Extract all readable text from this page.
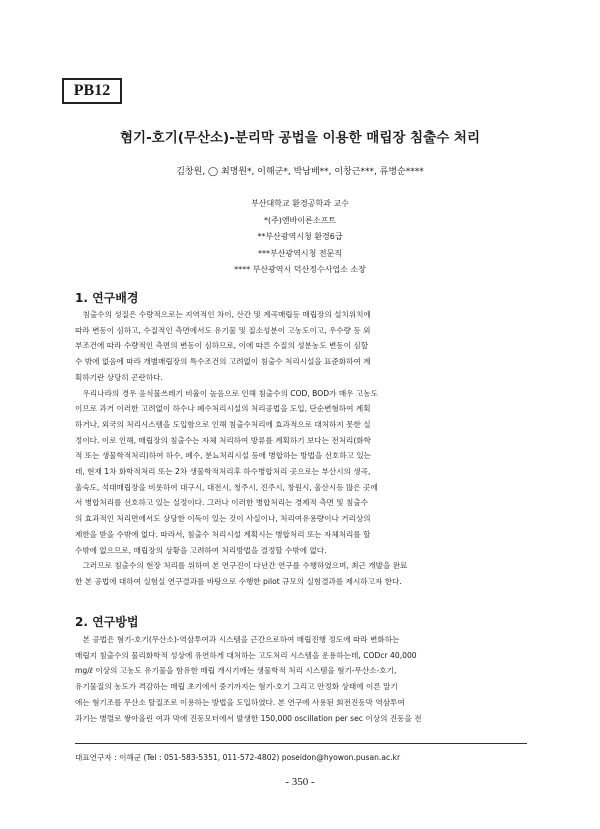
PB12
혐기-호기(무산소)-분리막 공법을 이용한 매립장 침출수 처리
김창원, ◯ 최명원*, 이해군*, 박남배**, 이창근***, 류병순****
부산대학교 환경공학과 교수
*(주)엔바이론소프트
**부산광역시청 환경6급
***부산광역시청 전문직
**** 부산광역시 덕산정수사업소 소장
1. 연구배경
　침출수의 성질은 수량적으로는 지역적인 차이, 산간 및 계곡매립등 매립장의 설치위치에
따라 변동이 심하고, 수질적인 측면에서도 유기물 및 질소성분이 고농도이고, 우수량 등 외
부조건에 따라 수량적인 측면의 변동이 심하므로, 이에 따른 수질의 성분농도 변동이 심할
수 밖에 없음에 따라 개별매립장의 특수조건의 고려없이 침출수 처리시설을 표준화하여 계
획하기란 상당히 곤란하다.
　우리나라의 경우 음식물쓰레기 비율이 높음으로 인해 침출수의 COD, BOD가 매우 고농도
이므로 과거 이러한 고려없이 하수나 폐수처리시설의 처리공법을 도입, 단순변형하여 계획
하거나, 외국의 처리시스템을 도입함으로 인해 침출수처리에 효과적으로 대처하지 못한 실
정이다. 이로 인해, 매립장의 침출수는 자체 처리하여 방류를 계획하기 보다는 전처리(화학
적 또는 생물학적처리)하여 하수, 폐수, 분뇨처리시설 등에 병합하는 방법을 선호하고 있는
데, 현재 1차 화학적처리 또는 2차 생물학적처리후 하수병합처리 곳으로는 부산시의 생곡,
울숙도, 석대매립장을 비롯하여 대구시, 대전시, 청주시, 진주시, 창원시, 울산시등 많은 곳에
서 병합처리를 선호하고 있는 실정이다. 그러나 이러한 병합처리는 경제적 측면 및 침출수
의 효과적인 처리면에서도 상당한 이득이 있는 것이 사실이나, 처리여유용량이나 거리상의
제한을 받을 수밖에 없다. 따라서, 침출수 처리시설 계획시는 병합처리 또는 자체처리를 할
수밖에 없으므로, 매립장의 상황을 고려하여 처리방법을 결정할 수밖에 없다.
　그러므로 침출수의 현장 처리를 위하여 본 연구진이 다년간 연구를 수행하였으며, 최근 개발을 완료
한 본 공법에 대하여 실험실 연구결과를 바탕으로 수행한 pilot 규모의 실험결과를 제시하고자 한다.
2. 연구방법
　본 공법은 혐기-호기(무산소)-역삼투여과 시스템을 근간으로하여 매립진행 정도에 따라 변화하는
매립지 침출수의 물리화학적 성상에 유연하게 대처하는 고도처리 시스템을 운용하는데, CODcr 40,000
mg/ℓ 이상의 고농도 유기물을 함유한 매립 개시기에는 생물학적 처리 시스템을 혐기-무산소-호기,
유기물질의 농도가 격감하는 매립 초기에서 중기까지는 혐기-호기 그리고 안정화 상태에 이른 말기
에는 혐기조를 무산소 탈질조로 이용하는 방법을 도입하였다. 본 연구에 사용된 회전진동막 역삼투여
과기는 병렬로 쌓아올린 여과 막에 진동모터에서 발생한 150,000 oscillation per sec 이상의 진동을 전
대표연구자 : 이해군 (Tel : 051-583-5351, 011-572-4802) poseidon@hyowon.pusan.ac.kr
- 350 -
